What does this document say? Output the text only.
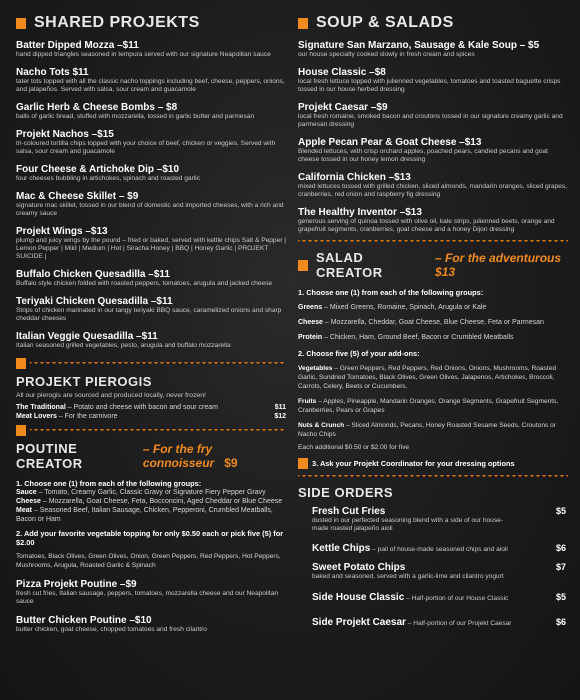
SHARED PROJEKTS
Batter Dipped Mozza –$11
hand dipped triangles seasoned in tempura served with our signature Neapolitan sauce
Nacho Tots $11
tater tots topped with all the classic nacho toppings including beef, cheese, peppers, onions, and jalapeños. Served with salsa, sour cream and guacamole
Garlic Herb & Cheese Bombs – $8
balls of garlic bread, stuffed with mozzarella, tossed in garlic butter and parmesan
Projekt Nachos –$15
tri-coloured tortilla chips topped with your choice of beef, chicken or veggies. Served with salsa, sour cream and guacamole
Four Cheese & Artichoke Dip –$10
four cheeses bubbling in artichokes, spinach and roasted garlic
Mac & Cheese Skillet – $9
signature mac skillet, tossed in our blend of domestic and imported cheeses, with a rich and creamy sauce
Projekt Wings –$13
plump and juicy wings by the pound – fried or baked, served with kettle chips Salt & Pepper | Lemon Pepper | Mild | Medium | Hot | Siracha Honey | BBQ | Honey Garlic | PROJEKT SUICIDE |
Buffalo Chicken Quesadilla –$11
Buffalo style chicken folded with roasted peppers, tomatoes, arugula and jacked cheese
Teriyaki Chicken Quesadilla –$11
Strips of chicken marinated in our tangy teriyaki BBQ sauce, caramelized onions and sharp cheddar cheeses
Italian Veggie Quesadilla –$11
Italian seasoned grilled vegetables, pesto, arugula and buffalo mozzarella
PROJEKT PIEROGIS
All our pierogis are sourced and produced locally, never frozen!
The Traditional – Potato and cheese with bacon and sour cream	$11
Meat Lovers – For the carnivore	$12
POUTINE CREATOR
– For the fry connoisseur $9
1. Choose one (1) from each of the following groups:
Sauce – Tomato, Creamy Garlic, Classic Gravy or Signature Fiery Pepper Gravy
Cheese – Mozzarella, Goat Cheese, Feta, Bocconcini, Aged Cheddar or Blue Cheese
Meat – Seasoned Beef, Italian Sausage, Chicken, Pepperoni, Crumbled Meatballs, Bacon or Ham
2. Add your favorite vegetable topping for only $0.50 each or pick five (5) for $2.00
Tomatoes, Black Olives, Green Olives, Onion, Green Peppers, Red Peppers, Hot Peppers, Mushrooms, Arugula, Roasted Garlic & Spinach
Pizza Projekt Poutine –$9
fresh cut fries, Italian sausage, peppers, tomatoes, mozzarella cheese and our Neapolitan sauce
Butter Chicken Poutine –$10
butter chicken, goat cheese, chopped tomatoes and fresh cilantro
SOUP & SALADS
Signature San Marzano, Sausage & Kale Soup – $5
our house specialty cooked slowly in fresh cream and spices
House Classic –$8
local fresh lettuce topped with julienned vegetables, tomatoes and toasted baguette crisps tossed in our house herbed dressing
Projekt Caesar –$9
local fresh romaine, smoked bacon and croutons tossed in our signature creamy garlic and parmesan dressing
Apple Pecan Pear & Goat Cheese –$13
Blended lettuces, with crisp orchard apples, poached pears, candied pecans and goat cheese tossed in our honey lemon dressing
California Chicken –$13
mixed lettuces tossed with grilled chicken, sliced almonds, mandarin oranges, sliced grapes, cranberries, red onion and raspberry fig dressing
The Healthy Inventor –$13
generous serving of quinoa tossed with olive oil, kale strips, julienned beets, orange and grapefruit segments, cranberries, goat cheese and a honey Dijon dressing
SALAD CREATOR
– For the adventurous $13
1. Choose one (1) from each of the following groups:
Greens – Mixed Greens, Romaine, Spinach, Arugula or Kale
Cheese – Mozzarella, Cheddar, Goat Cheese, Blue Cheese, Feta or Parmesan
Protein – Chicken, Ham, Ground Beef, Bacon or Crumbled Meatballs
2. Choose five (5) of your add-ons:
Vegetables – Green Peppers, Red Peppers, Red Onions, Onions, Mushrooms, Roasted Garlic, Sundried Tomatoes, Black Olives, Green Olives, Jalapenos, Artichokes, Broccoli, Carrots, Celery, Beets or Cucumbers.
Fruits – Apples, Pineapple, Mandarin Oranges, Orange Segments, Grapefruit Segments, Cranberries, Pears or Grapes
Nuts & Crunch – Sliced Almonds, Pecans, Honey Roasted Sesame Seeds, Croutons or Nacho Chips
Each additional $0.50 or $2.00 for five
3. Ask your Projekt Coordinator for your dressing options
SIDE ORDERS
Fresh Cut Fries	$5
dusted in our perfected seasoning blend with a side of our house-made roasted jalapeño aioli
Kettle Chips – pail of house-made seasoned chips and aioli	$6
Sweet Potato Chips	$7
baked and seasoned, served with a garlic-lime and cilantro yogurt
Side House Classic – Half-portion of our House Classic	$5
Side Projekt Caesar – Half-portion of our Projekt Caesar	$6
